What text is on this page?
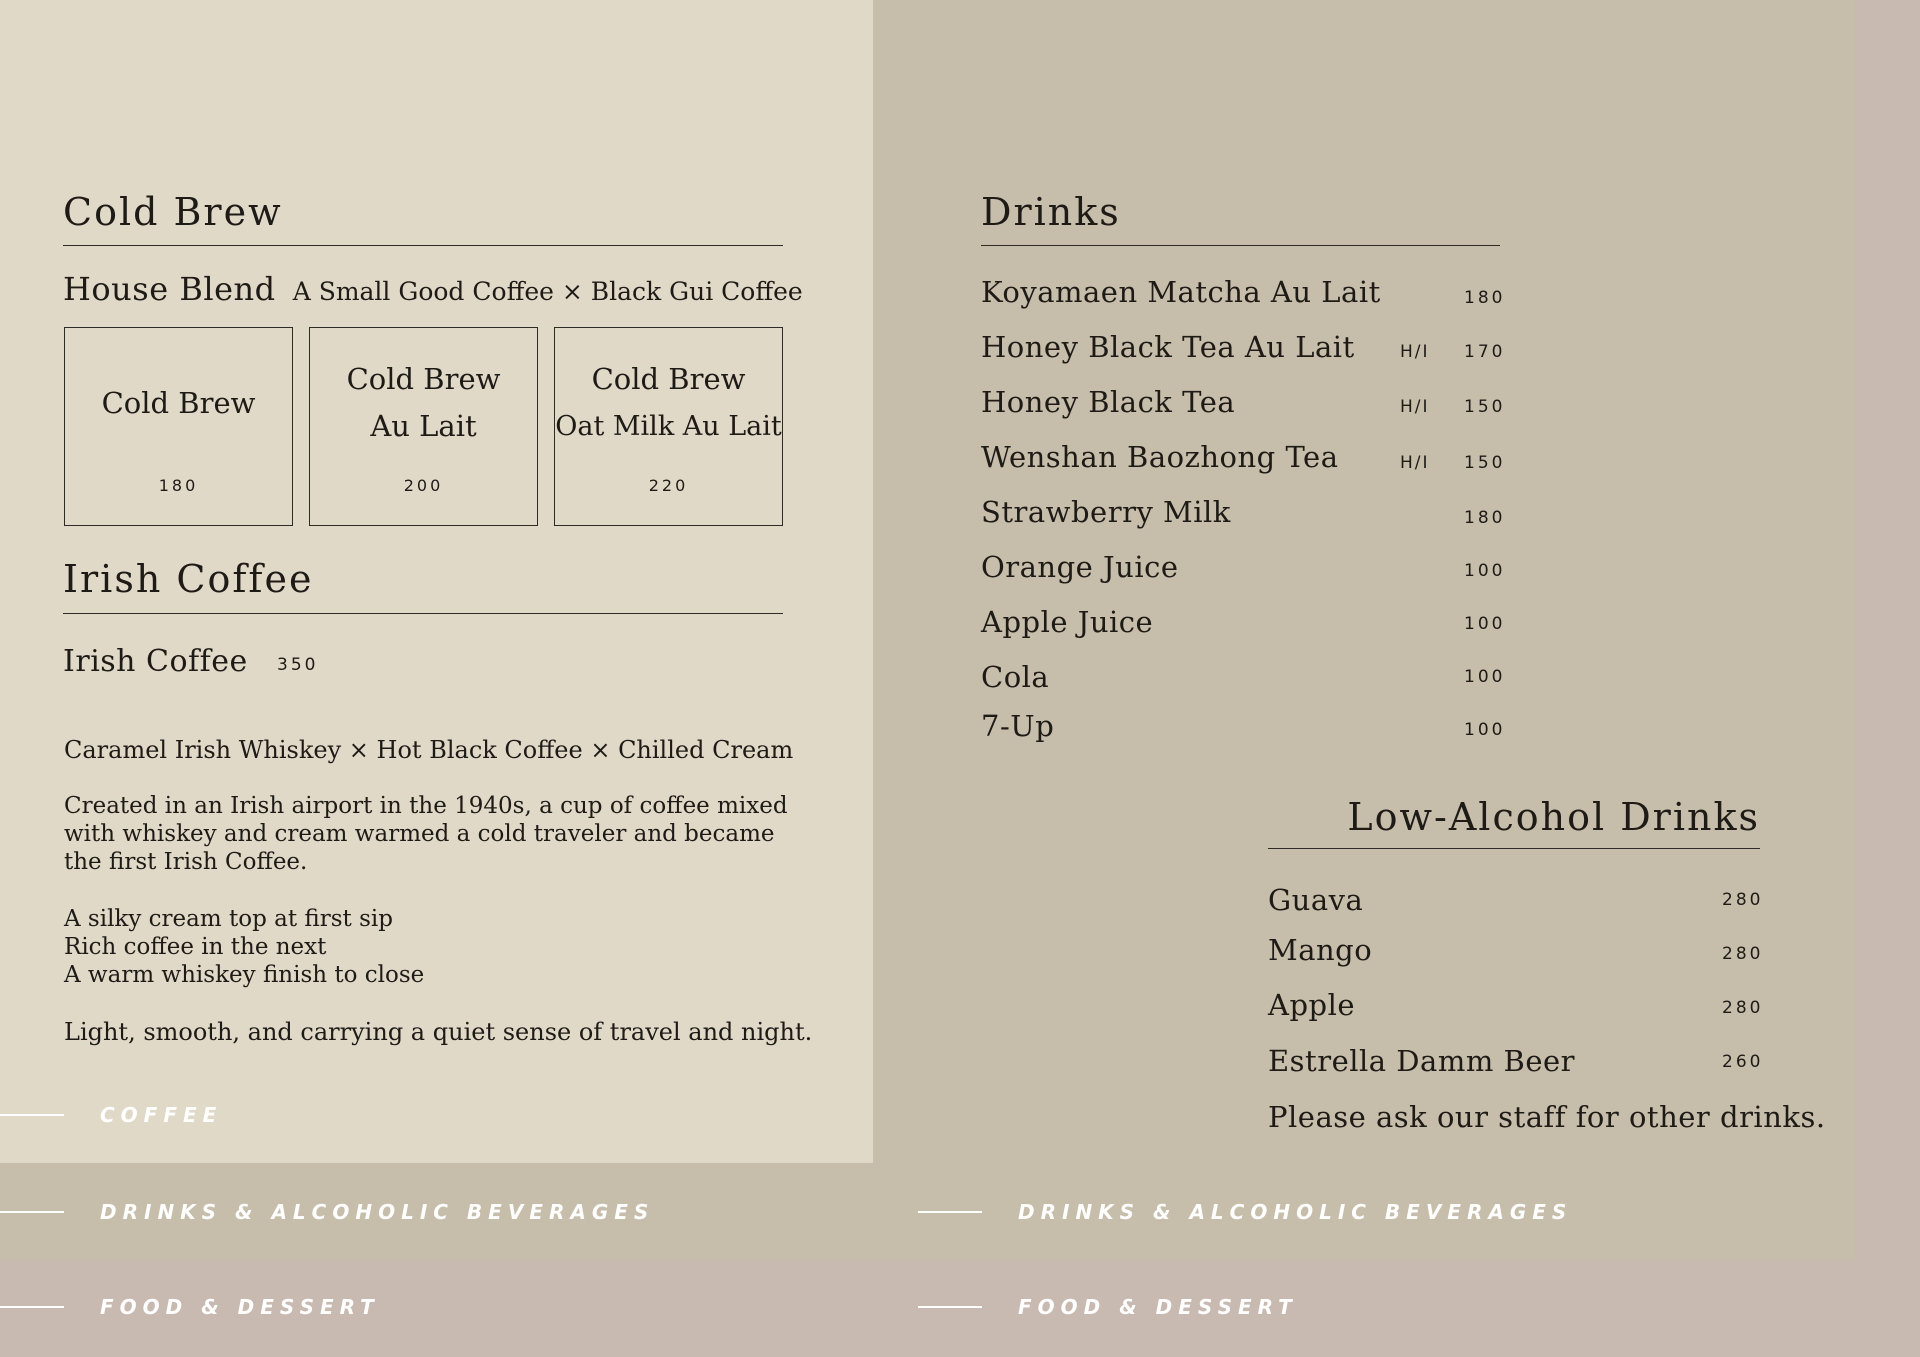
Cold Brew
House Blend A Small Good Coffee × Black Gui Coffee
Cold Brew
180
Cold Brew
Au Lait
200
Cold Brew
Oat Milk Au Lait
220
Irish Coffee
Irish Coffee 350
Caramel Irish Whiskey × Hot Black Coffee × Chilled Cream
Created in an Irish airport in the 1940s, a cup of coffee mixed
with whiskey and cream warmed a cold traveler and became
the first Irish Coffee.
A silky cream top at first sip
Rich coffee in the next
A warm whiskey finish to close
Light, smooth, and carrying a quiet sense of travel and night.
Drinks
Koyamaen Matcha Au Lait	180
Honey Black Tea Au Lait	H/I 170
Honey Black Tea	H/I 150
Wenshan Baozhong Tea	H/I 150
Strawberry Milk	180
Orange Juice	100
Apple Juice	100
Cola	100
7-Up	100
Low-Alcohol Drinks
Guava	280
Mango	280
Apple	280
Estrella Damm Beer	260
Please ask our staff for other drinks.
COFFEE
DRINKS & ALCOHOLIC BEVERAGES	DRINKS & ALCOHOLIC BEVERAGES
FOOD & DESSERT	FOOD & DESSERT
